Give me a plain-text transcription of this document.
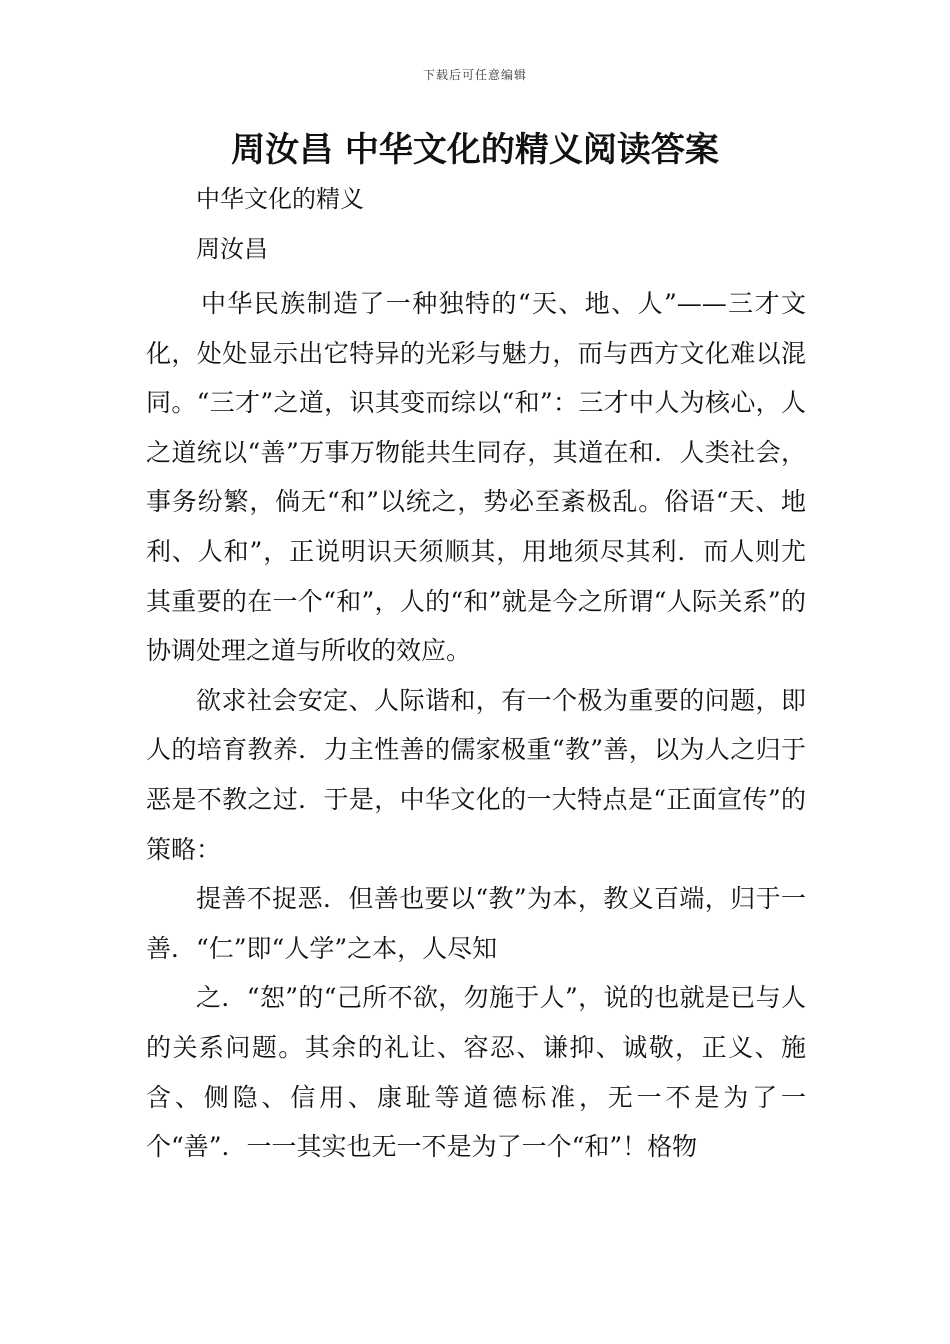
下载后可任意编辑
周汝昌 中华文化的精义阅读答案
中华文化的精义
周汝昌

中华民族制造了一种独特的“天、地、人”——三才文化，处处显示出它特异的光彩与魅力，而与西方文化难以混同。“三才”之道，识其变而综以“和”：三才中人为核心，人之道统以“善”万事万物能共生同存，其道在和．人类社会，事务纷繁，倘无“和”以统之，势必至紊极乱。俗语“天、地利、人和”，正说明识天须顺其，用地须尽其利．而人则尤其重要的在一个“和”，人的“和”就是今之所谓“人际关系”的协调处理之道与所收的效应。

欲求社会安定、人际谐和，有一个极为重要的问题，即人的培育教养．力主性善的儒家极重“教”善，以为人之归于恶是不教之过．于是，中华文化的一大特点是“正面宣传”的策略：

提善不捉恶．但善也要以“教”为本，教义百端，归于一善．“仁”即“人学”之本，人尽知

之．“恕”的“己所不欲，勿施于人”，说的也就是已与人的关系问题。其余的礼让、容忍、谦抑、诚敬，正义、施含、侧隐、信用、康耻等道德标准，无一不是为了一个“善”．一一其实也无一不是为了一个“和”！格物
